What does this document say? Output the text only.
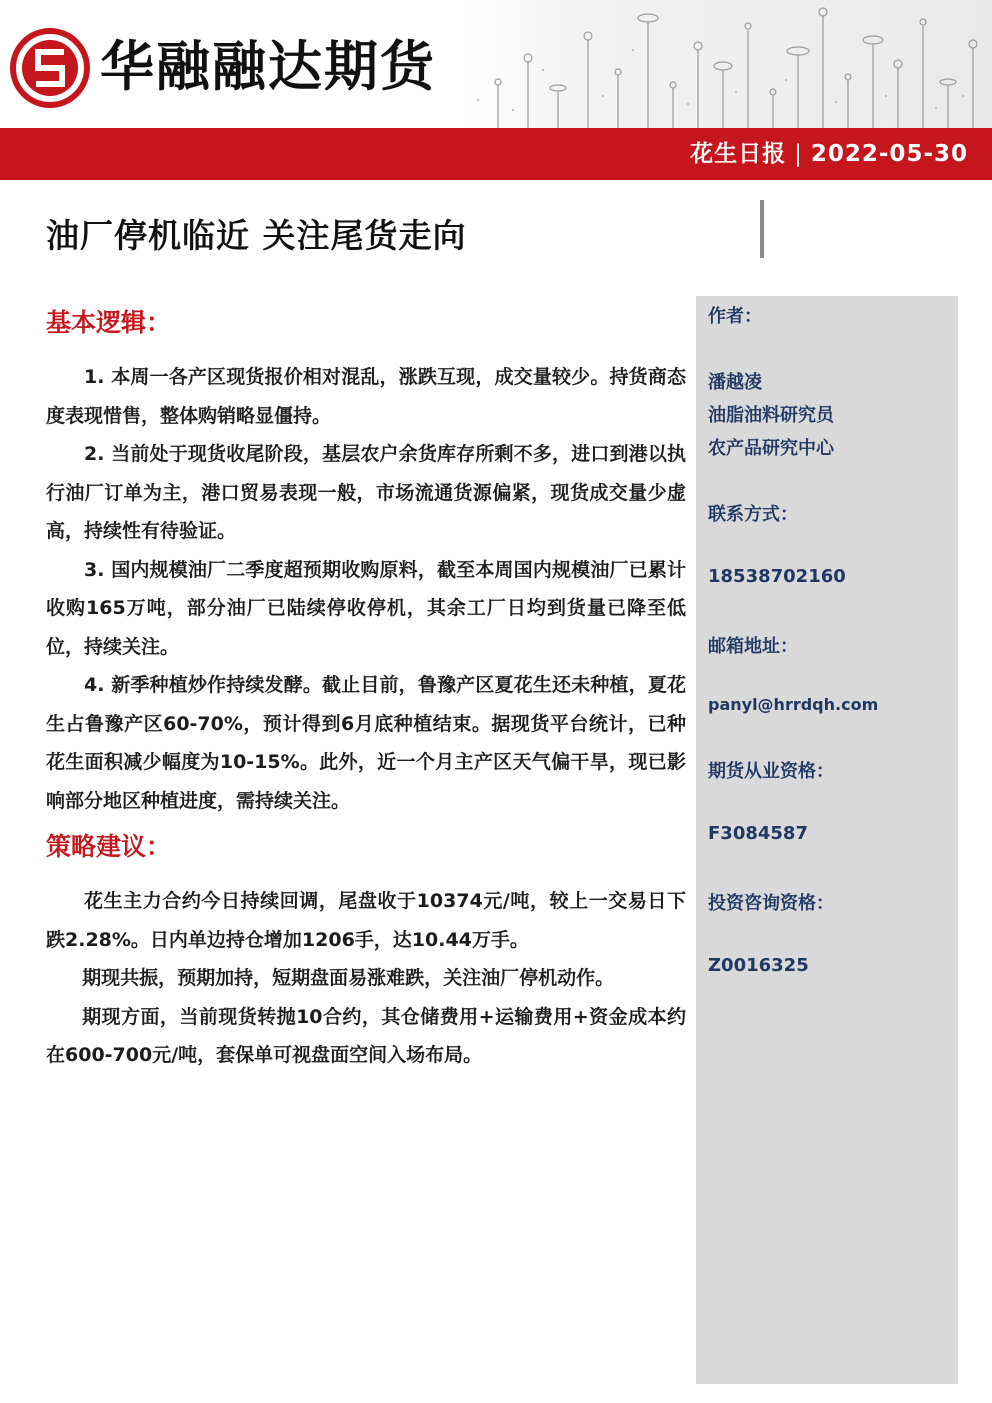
华融融达期货
花生日报 | 2022-05-30
油厂停机临近 关注尾货走向
基本逻辑：

1. 本周一各产区现货报价相对混乱，涨跌互现，成交量较少。持货商态度表现惜售，整体购销略显僵持。

2. 当前处于现货收尾阶段，基层农户余货库存所剩不多，进口到港以执行油厂订单为主，港口贸易表现一般，市场流通货源偏紧，现货成交量少虚高，持续性有待验证。

3. 国内规模油厂二季度超预期收购原料，截至本周国内规模油厂已累计收购165万吨，部分油厂已陆续停收停机，其余工厂日均到货量已降至低位，持续关注。

4. 新季种植炒作持续发酵。截止目前，鲁豫产区夏花生还未种植，夏花生占鲁豫产区60-70%，预计得到6月底种植结束。据现货平台统计，已种花生面积减少幅度为10-15%。此外，近一个月主产区天气偏干旱，现已影响部分地区种植进度，需持续关注。

策略建议：

花生主力合约今日持续回调，尾盘收于10374元/吨，较上一交易日下跌2.28%。日内单边持仓增加1206手，达10.44万手。

期现共振，预期加持，短期盘面易涨难跌，关注油厂停机动作。

期现方面，当前现货转抛10合约，其仓储费用+运输费用+资金成本约在600-700元/吨，套保单可视盘面空间入场布局。

作者：
潘越凌
油脂油料研究员
农产品研究中心
联系方式：
18538702160
邮箱地址：
panyl@hrrdqh.com
期货从业资格：
F3084587
投资咨询资格：
Z0016325
